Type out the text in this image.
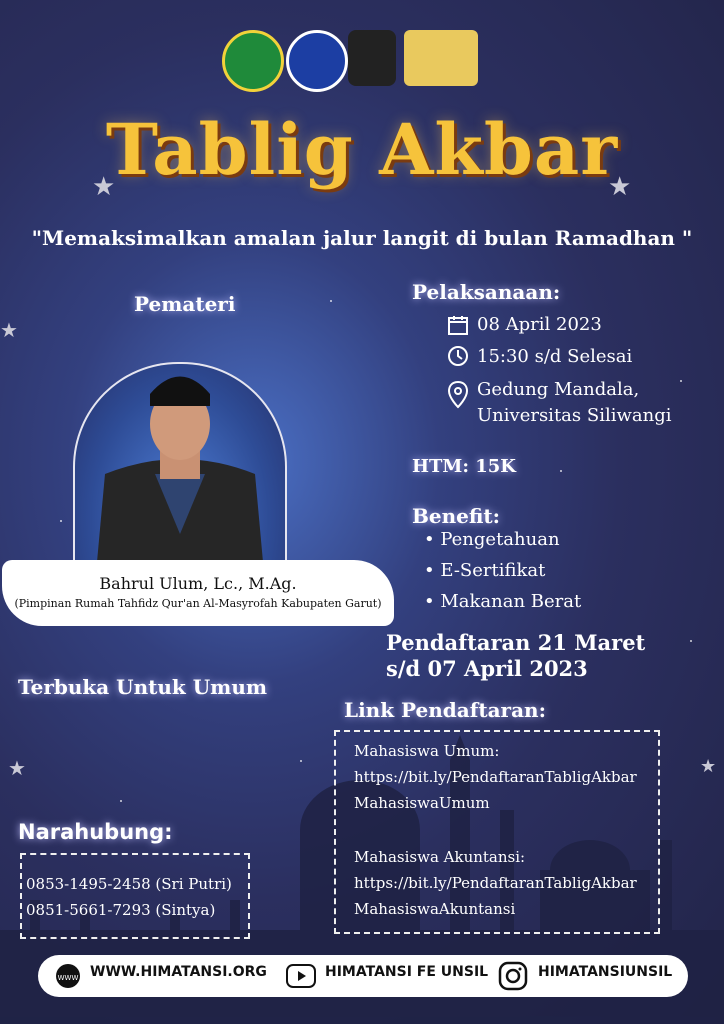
★	★
★
★	★
Tablig Akbar
"Memaksimalkan amalan jalur langit di bulan Ramadhan "
Pemateri
Bahrul Ulum, Lc., M.Ag.
(Pimpinan Rumah Tahfidz Qur'an Al-Masyrofah Kabupaten Garut)
Pelaksanaan:
08 April 2023
15:30 s/d Selesai
Gedung Mandala,
Universitas Siliwangi
HTM: 15K
Benefit:
• Pengetahuan
• E-Sertifikat
• Makanan Berat
Pendaftaran 21 Maret
s/d 07 April 2023
Terbuka Untuk Umum
Link Pendaftaran:
Mahasiswa Umum:
https://bit.ly/PendaftaranTabligAkbar
MahasiswaUmum
Mahasiswa Akuntansi:
https://bit.ly/PendaftaranTabligAkbar
MahasiswaAkuntansi
Narahubung:
0853-1495-2458 (Sri Putri)
0851-5661-7293 (Sintya)
WWW WWW.HIMATANSI.ORG	HIMATANSI FE UNSIL	HIMATANSIUNSIL
